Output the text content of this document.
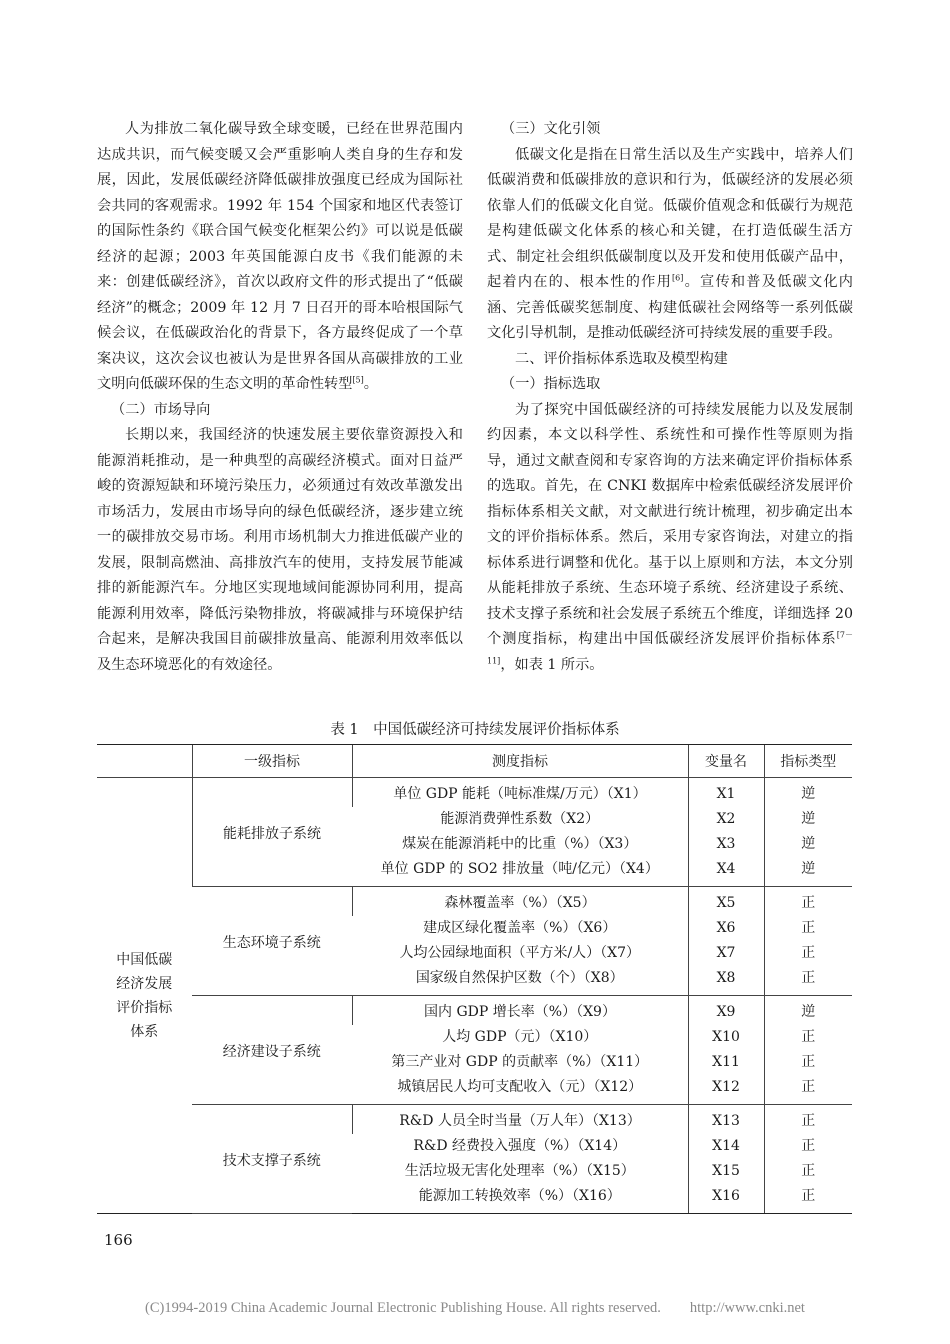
人为排放二氧化碳导致全球变暖，已经在世界范围内达成共识，而气候变暖又会严重影响人类自身的生存和发展，因此，发展低碳经济降低碳排放强度已经成为国际社会共同的客观需求。1992 年 154 个国家和地区代表签订的国际性条约《联合国气候变化框架公约》可以说是低碳经济的起源；2003 年英国能源白皮书《我们能源的未来：创建低碳经济》，首次以政府文件的形式提出了“低碳经济”的概念；2009 年 12 月 7 日召开的哥本哈根国际气候会议，在低碳政治化的背景下，各方最终促成了一个草案决议，这次会议也被认为是世界各国从高碳排放的工业文明向低碳环保的生态文明的革命性转型[5]。

（二）市场导向

长期以来，我国经济的快速发展主要依靠资源投入和能源消耗推动，是一种典型的高碳经济模式。面对日益严峻的资源短缺和环境污染压力，必须通过有效改革激发出市场活力，发展由市场导向的绿色低碳经济，逐步建立统一的碳排放交易市场。利用市场机制大力推进低碳产业的发展，限制高燃油、高排放汽车的使用，支持发展节能减排的新能源汽车。分地区实现地域间能源协同利用，提高能源利用效率，降低污染物排放，将碳减排与环境保护结合起来，是解决我国目前碳排放量高、能源利用效率低以及生态环境恶化的有效途径。

（三）文化引领

低碳文化是指在日常生活以及生产实践中，培养人们低碳消费和低碳排放的意识和行为，低碳经济的发展必须依靠人们的低碳文化自觉。低碳价值观念和低碳行为规范是构建低碳文化体系的核心和关键，在打造低碳生活方式、制定社会组织低碳制度以及开发和使用低碳产品中，起着内在的、根本性的作用[6]。宣传和普及低碳文化内涵、完善低碳奖惩制度、构建低碳社会网络等一系列低碳文化引导机制，是推动低碳经济可持续发展的重要手段。

二、评价指标体系选取及模型构建

（一）指标选取

为了探究中国低碳经济的可持续发展能力以及发展制约因素，本文以科学性、系统性和可操作性等原则为指导，通过文献查阅和专家咨询的方法来确定评价指标体系的选取。首先，在 CNKI 数据库中检索低碳经济发展评价指标体系相关文献，对文献进行统计梳理，初步确定出本文的评价指标体系。然后，采用专家咨询法，对建立的指标体系进行调整和优化。基于以上原则和方法，本文分别从能耗排放子系统、生态环境子系统、经济建设子系统、技术支撑子系统和社会发展子系统五个维度，详细选择 20 个测度指标，构建出中国低碳经济发展评价指标体系[7－11]，如表 1 所示。

表 1　中国低碳经济可持续发展评价指标体系
	一级指标	测度指标	变量名	指标类型
中国低碳经济发展评价指标体系	能耗排放子系统	单位 GDP 能耗（吨标准煤/万元）（X1）	X1	逆
		能源消费弹性系数（X2）	X2	逆
		煤炭在能源消耗中的比重（%）（X3）	X3	逆
		单位 GDP 的 SO2 排放量（吨/亿元）（X4）	X4	逆
	生态环境子系统	森林覆盖率（%）（X5）	X5	正
		建成区绿化覆盖率（%）（X6）	X6	正
		人均公园绿地面积（平方米/人）（X7）	X7	正
		国家级自然保护区数（个）（X8）	X8	正
	经济建设子系统	国内 GDP 增长率（%）（X9）	X9	逆
		人均 GDP（元）（X10）	X10	正
		第三产业对 GDP 的贡献率（%）（X11）	X11	正
		城镇居民人均可支配收入（元）（X12）	X12	正
	技术支撑子系统	R&D 人员全时当量（万人年）（X13）	X13	正
		R&D 经费投入强度（%）（X14）	X14	正
		生活垃圾无害化处理率（%）（X15）	X15	正
		能源加工转换效率（%）（X16）	X16	正
166
(C)1994-2019 China Academic Journal Electronic Publishing House. All rights reserved.　　http://www.cnki.net
